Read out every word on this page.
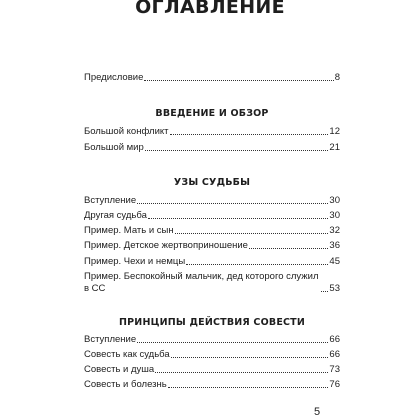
ОГЛАВЛЕНИЕ
Предисловие	8
ВВЕДЕНИЕ И ОБЗОР
Большой конфликт	12
Большой мир	21
УЗЫ СУДЬБЫ
Вступление	30
Другая судьба	30
Пример. Мать и сын	32
Пример. Детское жертвоприношение	36
Пример. Чехи и немцы	45
Пример. Беспокойный мальчик, дед которого служил в СС	53
ПРИНЦИПЫ ДЕЙСТВИЯ СОВЕСТИ
Вступление	66
Совесть как судьба	66
Совесть и душа	73
Совесть и болезнь	76
5
